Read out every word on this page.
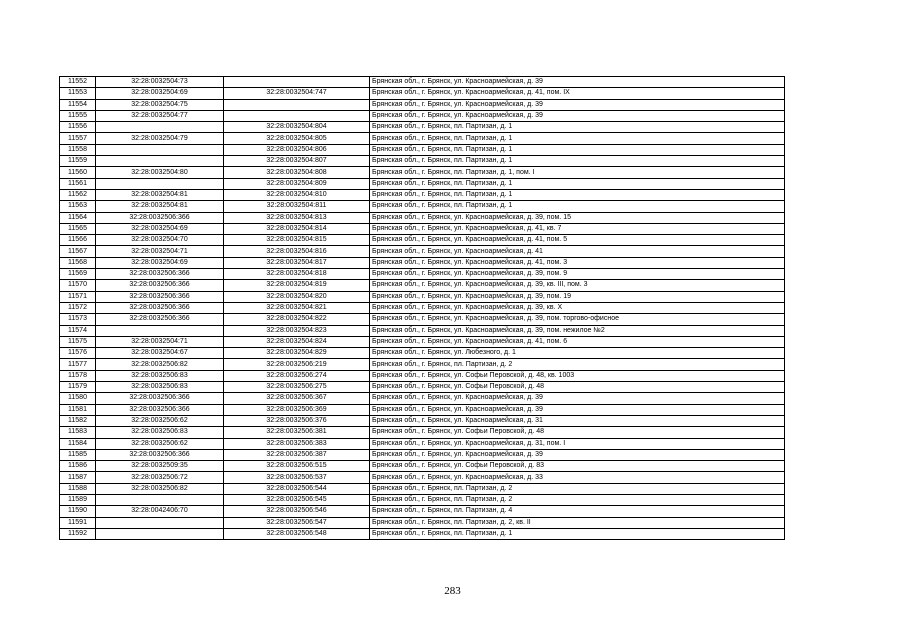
11552	32:28:0032504:73		Брянская обл., г. Брянск, ул. Красноармейская, д. 39
11553	32:28:0032504:69	32:28:0032504:747	Брянская обл., г. Брянск, ул. Красноармейская, д. 41, пом. IX
11554	32:28:0032504:75		Брянская обл., г. Брянск, ул. Красноармейская, д. 39
11555	32:28:0032504:77		Брянская обл., г. Брянск, ул. Красноармейская, д. 39
11556		32:28:0032504:804	Брянская обл., г. Брянск, пл. Партизан, д. 1
11557	32:28:0032504:79	32:28:0032504:805	Брянская обл., г. Брянск, пл. Партизан, д. 1
11558		32:28:0032504:806	Брянская обл., г. Брянск, пл. Партизан, д. 1
11559		32:28:0032504:807	Брянская обл., г. Брянск, пл. Партизан, д. 1
11560	32:28:0032504:80	32:28:0032504:808	Брянская обл., г. Брянск, пл. Партизан, д. 1, пом. I
11561		32:28:0032504:809	Брянская обл., г. Брянск, пл. Партизан, д. 1
11562	32:28:0032504:81	32:28:0032504:810	Брянская обл., г. Брянск, пл. Партизан, д. 1
11563	32:28:0032504:81	32:28:0032504:811	Брянская обл., г. Брянск, пл. Партизан, д. 1
11564	32:28:0032506:366	32:28:0032504:813	Брянская обл., г. Брянск, ул. Красноармейская, д. 39, пом. 15
11565	32:28:0032504:69	32:28:0032504:814	Брянская обл., г. Брянск, ул. Красноармейская, д. 41, кв. 7
11566	32:28:0032504:70	32:28:0032504:815	Брянская обл., г. Брянск, ул. Красноармейская, д. 41, пом. 5
11567	32:28:0032504:71	32:28:0032504:816	Брянская обл., г. Брянск, ул. Красноармейская, д. 41
11568	32:28:0032504:69	32:28:0032504:817	Брянская обл., г. Брянск, ул. Красноармейская, д. 41, пом. 3
11569	32:28:0032506:366	32:28:0032504:818	Брянская обл., г. Брянск, ул. Красноармейская, д. 39, пом. 9
11570	32:28:0032506:366	32:28:0032504:819	Брянская обл., г. Брянск, ул. Красноармейская, д. 39, кв. III, пом. 3
11571	32:28:0032506:366	32:28:0032504:820	Брянская обл., г. Брянск, ул. Красноармейская, д. 39, пом. 19
11572	32:28:0032506:366	32:28:0032504:821	Брянская обл., г. Брянск, ул. Красноармейская, д. 39, кв. X
11573	32:28:0032506:366	32:28:0032504:822	Брянская обл., г. Брянск, ул. Красноармейская, д. 39, пом. торгово-офисное
11574		32:28:0032504:823	Брянская обл., г. Брянск, ул. Красноармейская, д. 39, пом. нежилое №2
11575	32:28:0032504:71	32:28:0032504:824	Брянская обл., г. Брянск, ул. Красноармейская, д. 41, пом. 6
11576	32:28:0032504:67	32:28:0032504:829	Брянская обл., г. Брянск, ул. Любезного, д. 1
11577	32:28:0032506:82	32:28:0032506:219	Брянская обл., г. Брянск, пл. Партизан, д. 2
11578	32:28:0032506:83	32:28:0032506:274	Брянская обл., г. Брянск, ул. Софьи Перовской, д. 48, кв. 1003
11579	32:28:0032506:83	32:28:0032506:275	Брянская обл., г. Брянск, ул. Софьи Перовской, д. 48
11580	32:28:0032506:366	32:28:0032506:367	Брянская обл., г. Брянск, ул. Красноармейская, д. 39
11581	32:28:0032506:366	32:28:0032506:369	Брянская обл., г. Брянск, ул. Красноармейская, д. 39
11582	32:28:0032506:62	32:28:0032506:376	Брянская обл., г. Брянск, ул. Красноармейская, д. 31
11583	32:28:0032506:83	32:28:0032506:381	Брянская обл., г. Брянск, ул. Софьи Перовской, д. 48
11584	32:28:0032506:62	32:28:0032506:383	Брянская обл., г. Брянск, ул. Красноармейская, д. 31, пом. I
11585	32:28:0032506:366	32:28:0032506:387	Брянская обл., г. Брянск, ул. Красноармейская, д. 39
11586	32:28:0032509:35	32:28:0032506:515	Брянская обл., г. Брянск, ул. Софьи Перовской, д. 83
11587	32:28:0032506:72	32:28:0032506:537	Брянская обл., г. Брянск, ул. Красноармейская, д. 33
11588	32:28:0032506:82	32:28:0032506:544	Брянская обл., г. Брянск, пл. Партизан, д. 2
11589		32:28:0032506:545	Брянская обл., г. Брянск, пл. Партизан, д. 2
11590	32:28:0042406:70	32:28:0032506:546	Брянская обл., г. Брянск, пл. Партизан, д. 4
11591		32:28:0032506:547	Брянская обл., г. Брянск, пл. Партизан, д. 2, кв. II
11592		32:28:0032506:548	Брянская обл., г. Брянск, пл. Партизан, д. 1
283
